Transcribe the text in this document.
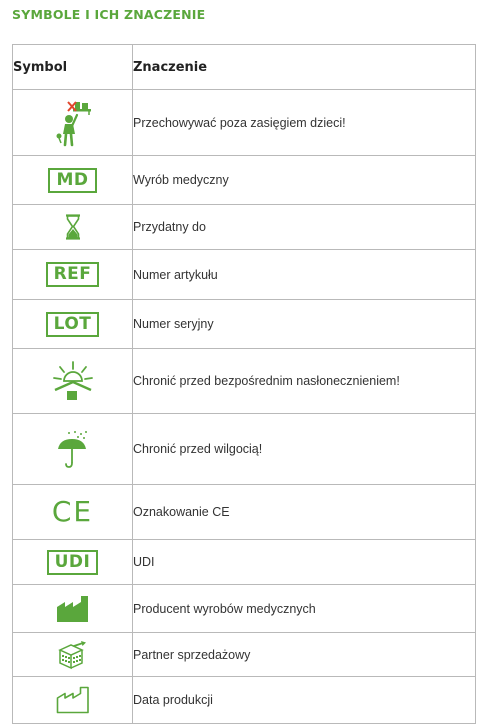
SYMBOLE I ICH ZNACZENIE
Symbol	Znaczenie
	Przechowywać poza zasięgiem dzieci!
MD	Wyrób medyczny
	Przydatny do
REF	Numer artykułu
LOT	Numer seryjny
	Chronić przed bezpośrednim nasłonecznieniem!
	Chronić przed wilgocią!
CE	Oznakowanie CE
UDI	UDI
	Producent wyrobów medycznych
	Partner sprzedażowy
	Data produkcji
